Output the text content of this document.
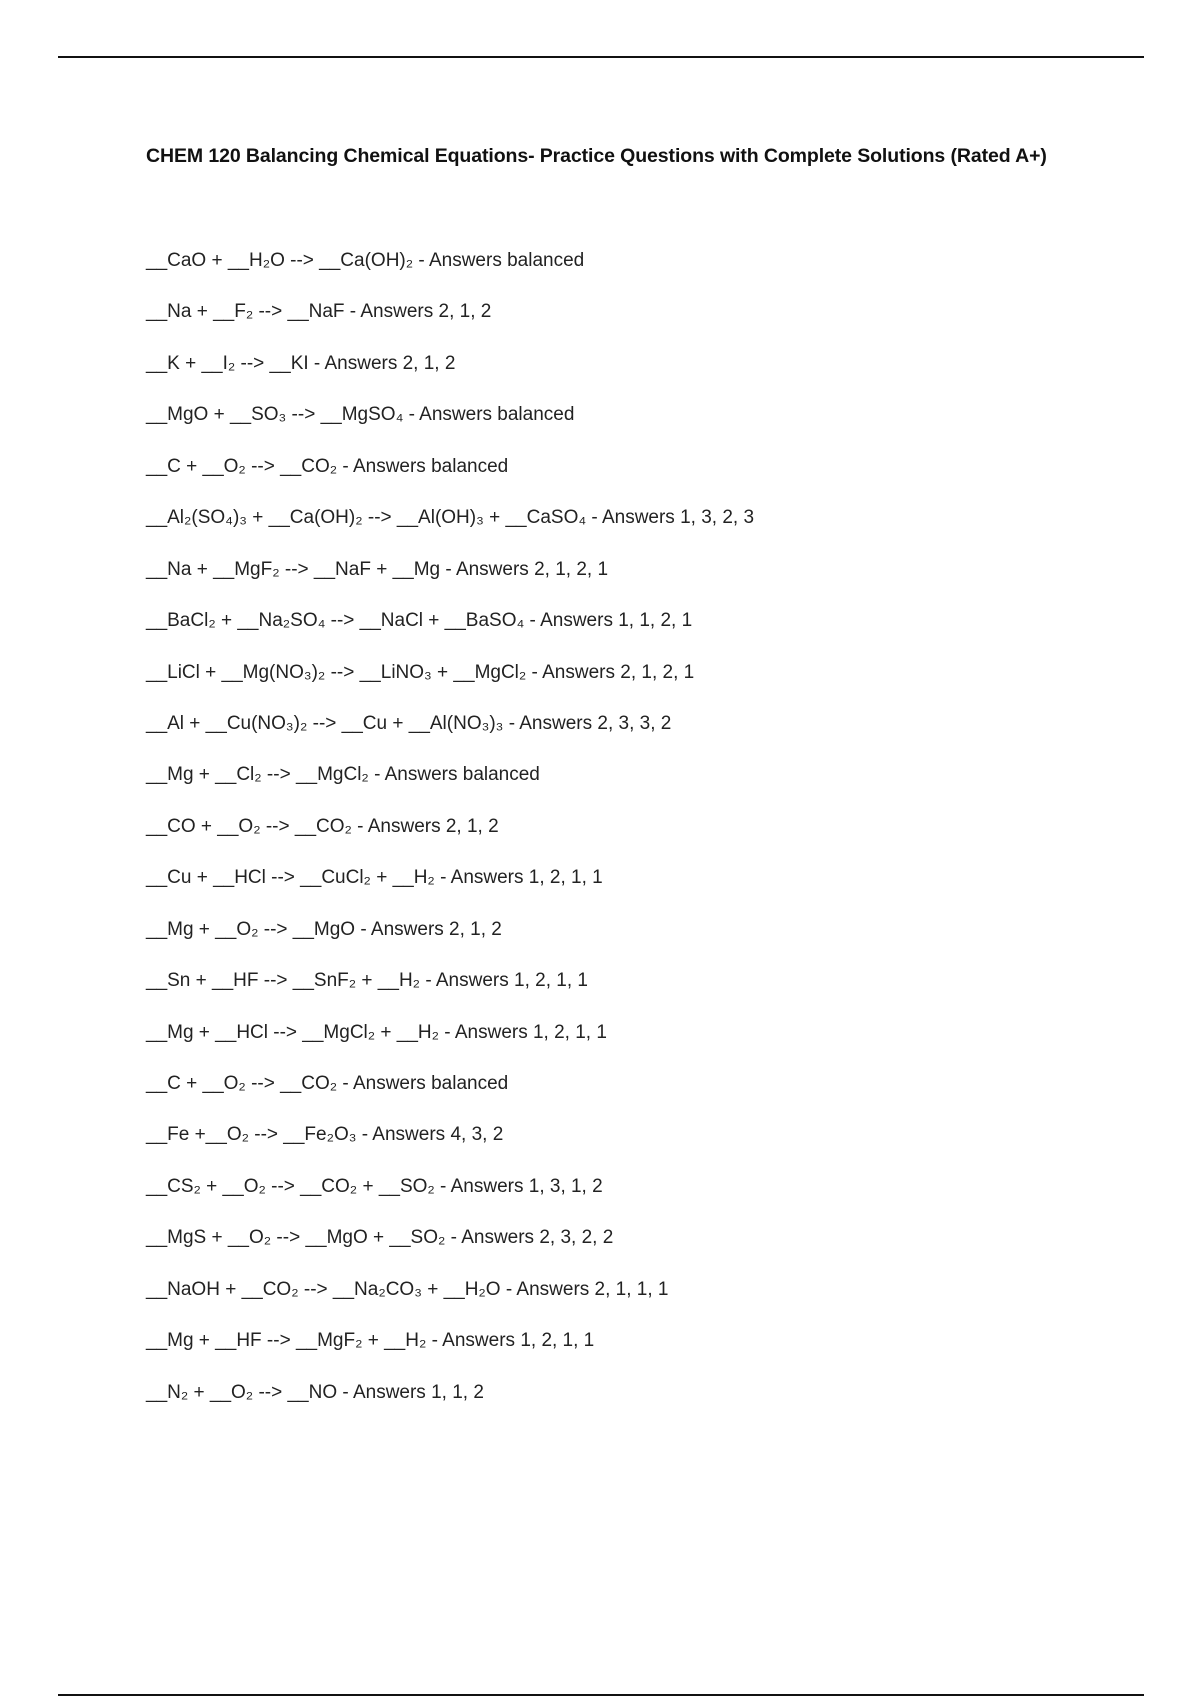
CHEM 120 Balancing Chemical Equations- Practice Questions with Complete Solutions (Rated A+)
__CaO + __H₂O --> __Ca(OH)₂ - Answers balanced
__Na + __F₂ --> __NaF - Answers 2, 1, 2
__K + __I₂ --> __KI - Answers 2, 1, 2
__MgO + __SO₃ --> __MgSO₄ - Answers balanced
__C + __O₂ --> __CO₂ - Answers balanced
__Al₂(SO₄)₃ + __Ca(OH)₂ --> __Al(OH)₃ + __CaSO₄ - Answers 1, 3, 2, 3
__Na + __MgF₂ --> __NaF + __Mg - Answers 2, 1, 2, 1
__BaCl₂ + __Na₂SO₄ --> __NaCl + __BaSO₄ - Answers 1, 1, 2, 1
__LiCl + __Mg(NO₃)₂ --> __LiNO₃ + __MgCl₂ - Answers 2, 1, 2, 1
__Al + __Cu(NO₃)₂ --> __Cu + __Al(NO₃)₃ - Answers 2, 3, 3, 2
__Mg + __Cl₂ --> __MgCl₂ - Answers balanced
__CO + __O₂ --> __CO₂ - Answers 2, 1, 2
__Cu + __HCl --> __CuCl₂ + __H₂ - Answers 1, 2, 1, 1
__Mg + __O₂ --> __MgO - Answers 2, 1, 2
__Sn + __HF --> __SnF₂ + __H₂ - Answers 1, 2, 1, 1
__Mg + __HCl --> __MgCl₂ + __H₂ - Answers 1, 2, 1, 1
__C + __O₂ --> __CO₂ - Answers balanced
__Fe +__O₂ --> __Fe₂O₃ - Answers 4, 3, 2
__CS₂ + __O₂ --> __CO₂ + __SO₂ - Answers 1, 3, 1, 2
__MgS + __O₂ --> __MgO + __SO₂ - Answers 2, 3, 2, 2
__NaOH + __CO₂ --> __Na₂CO₃ + __H₂O - Answers 2, 1, 1, 1
__Mg + __HF --> __MgF₂ + __H₂ - Answers 1, 2, 1, 1
__N₂ + __O₂ --> __NO - Answers 1, 1, 2
